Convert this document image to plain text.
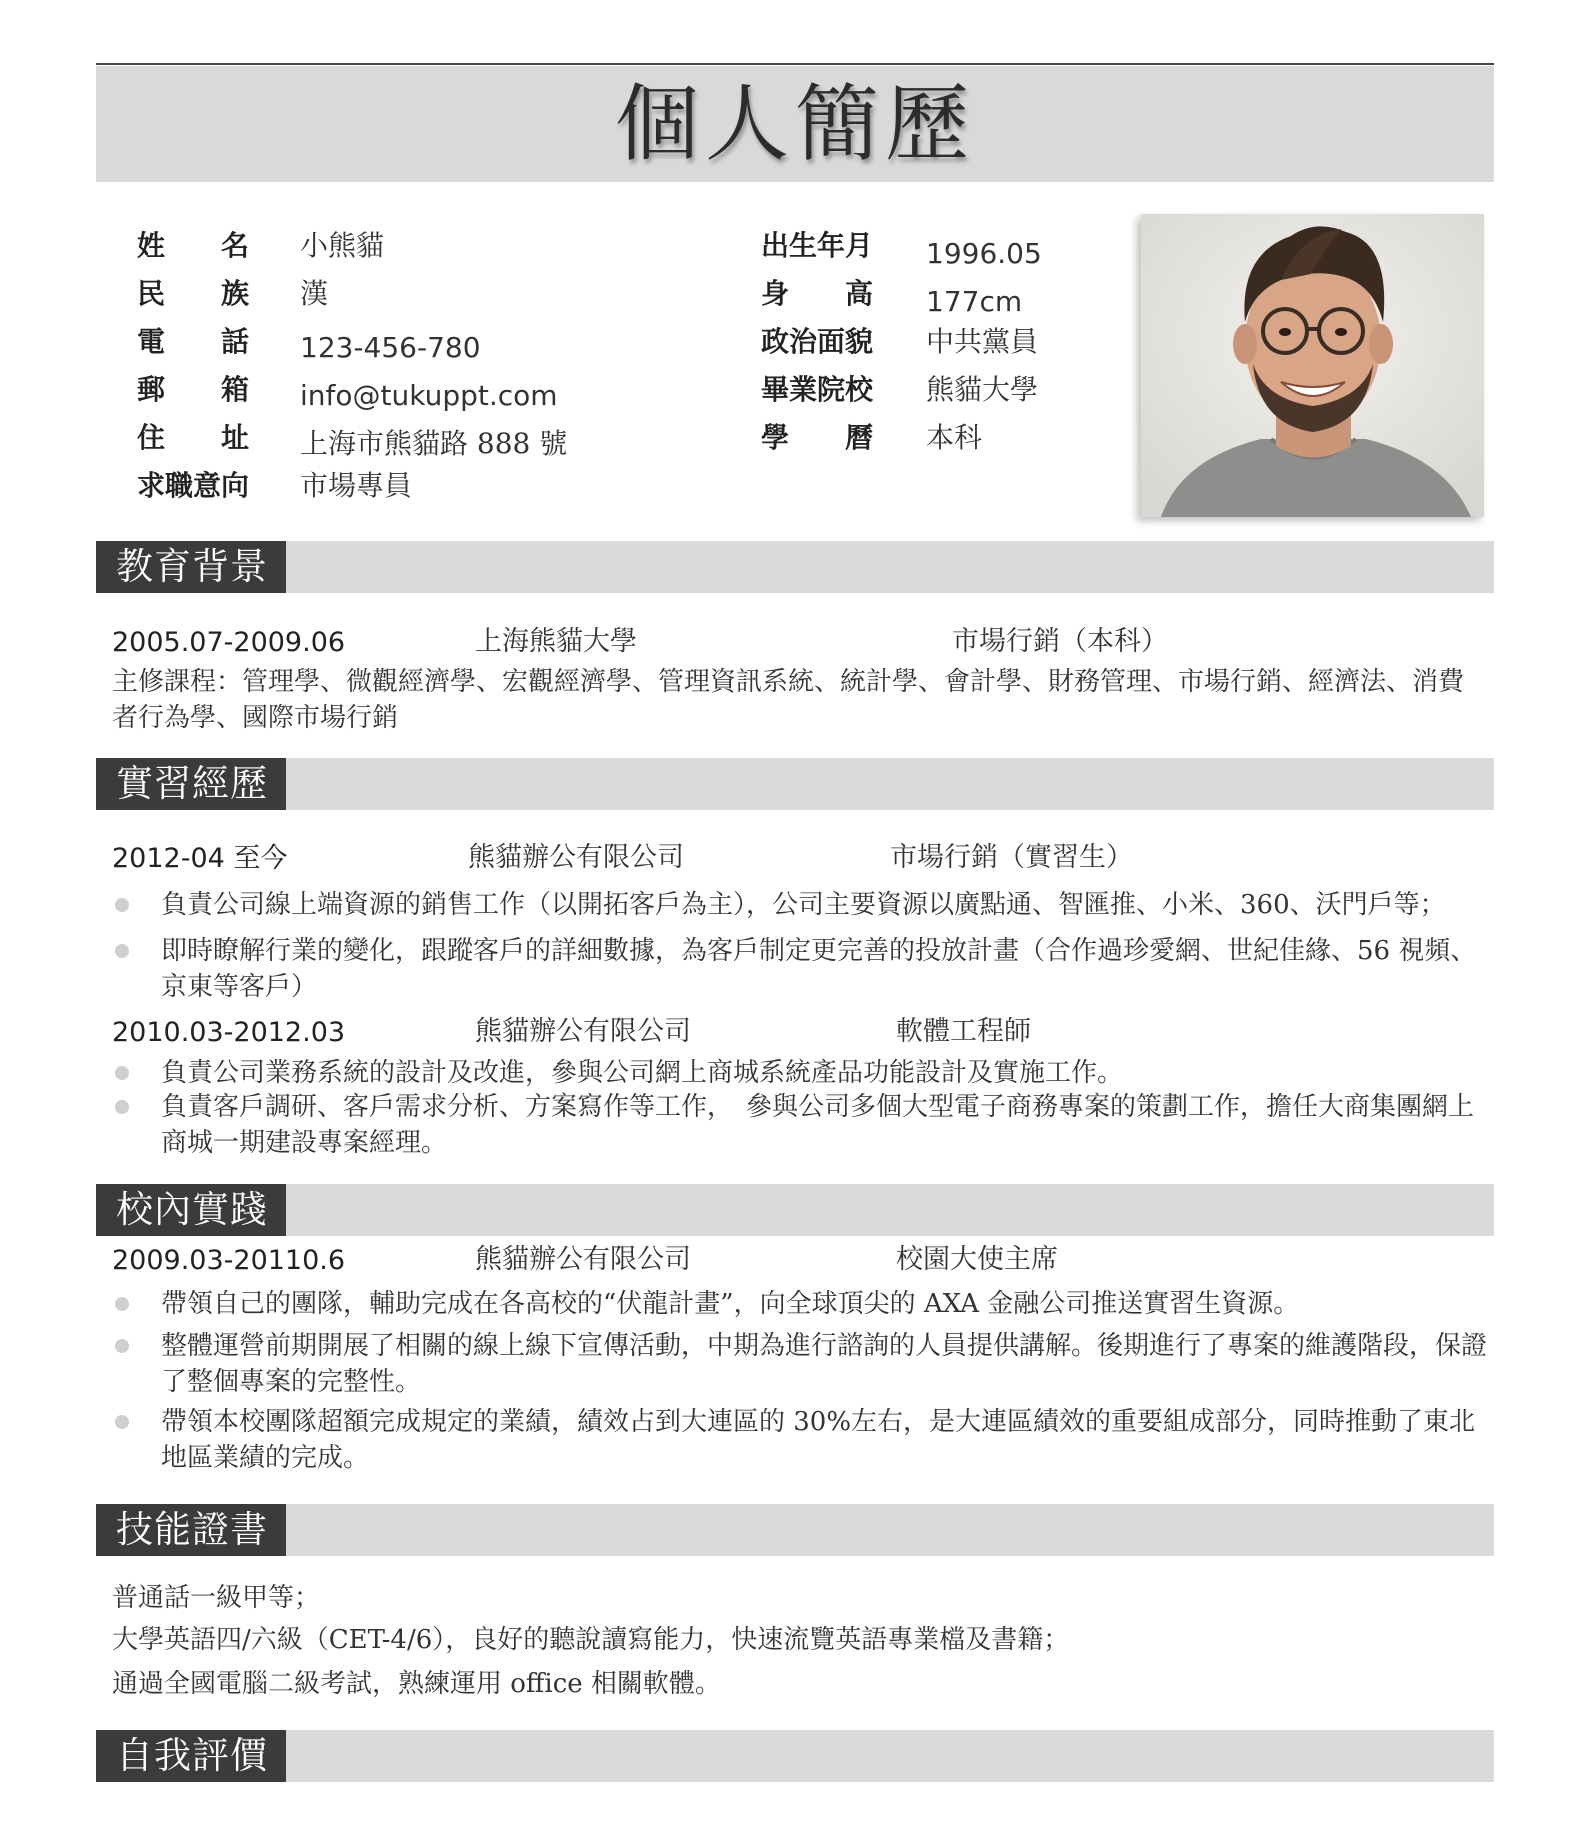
個人簡歷
姓　　名 小熊貓
民　　族 漢
電　　話 123-456-780
郵　　箱 info@tukuppt.com
住　　址 上海市熊貓路 888 號
求職意向 市場專員
出生年月 1996.05
身　　高 177cm
政治面貌 中共黨員
畢業院校 熊貓大學
學　　曆 本科
教育背景
2005.07-2009.06	上海熊貓大學	市場行銷（本科）
主修課程：管理學、微觀經濟學、宏觀經濟學、管理資訊系統、統計學、會計學、財務管理、市場行銷、經濟法、消費者行為學、國際市場行銷
實習經歷
2012-04 至今	熊貓辦公有限公司	市場行銷（實習生）
負責公司線上端資源的銷售工作（以開拓客戶為主），公司主要資源以廣點通、智匯推、小米、360、沃門戶等；
即時瞭解行業的變化，跟蹤客戶的詳細數據，為客戶制定更完善的投放計畫（合作過珍愛網、世紀佳緣、56 視頻、京東等客戶）
2010.03-2012.03	熊貓辦公有限公司	軟體工程師
負責公司業務系統的設計及改進，參與公司網上商城系統產品功能設計及實施工作。
負責客戶調研、客戶需求分析、方案寫作等工作，　參與公司多個大型電子商務專案的策劃工作，擔任大商集團網上商城一期建設專案經理。
校內實踐
2009.03-20110.6	熊貓辦公有限公司	校園大使主席
帶領自己的團隊，輔助完成在各高校的“伏龍計畫”，向全球頂尖的 AXA 金融公司推送實習生資源。
整體運營前期開展了相關的線上線下宣傳活動，中期為進行諮詢的人員提供講解。後期進行了專案的維護階段，保證了整個專案的完整性。
帶領本校團隊超額完成規定的業績，績效占到大連區的 30%左右，是大連區績效的重要組成部分，同時推動了東北地區業績的完成。
技能證書
普通話一級甲等；
大學英語四/六級（CET-4/6），良好的聽說讀寫能力，快速流覽英語專業檔及書籍；
通過全國電腦二級考試，熟練運用 office 相關軟體。
自我評價
